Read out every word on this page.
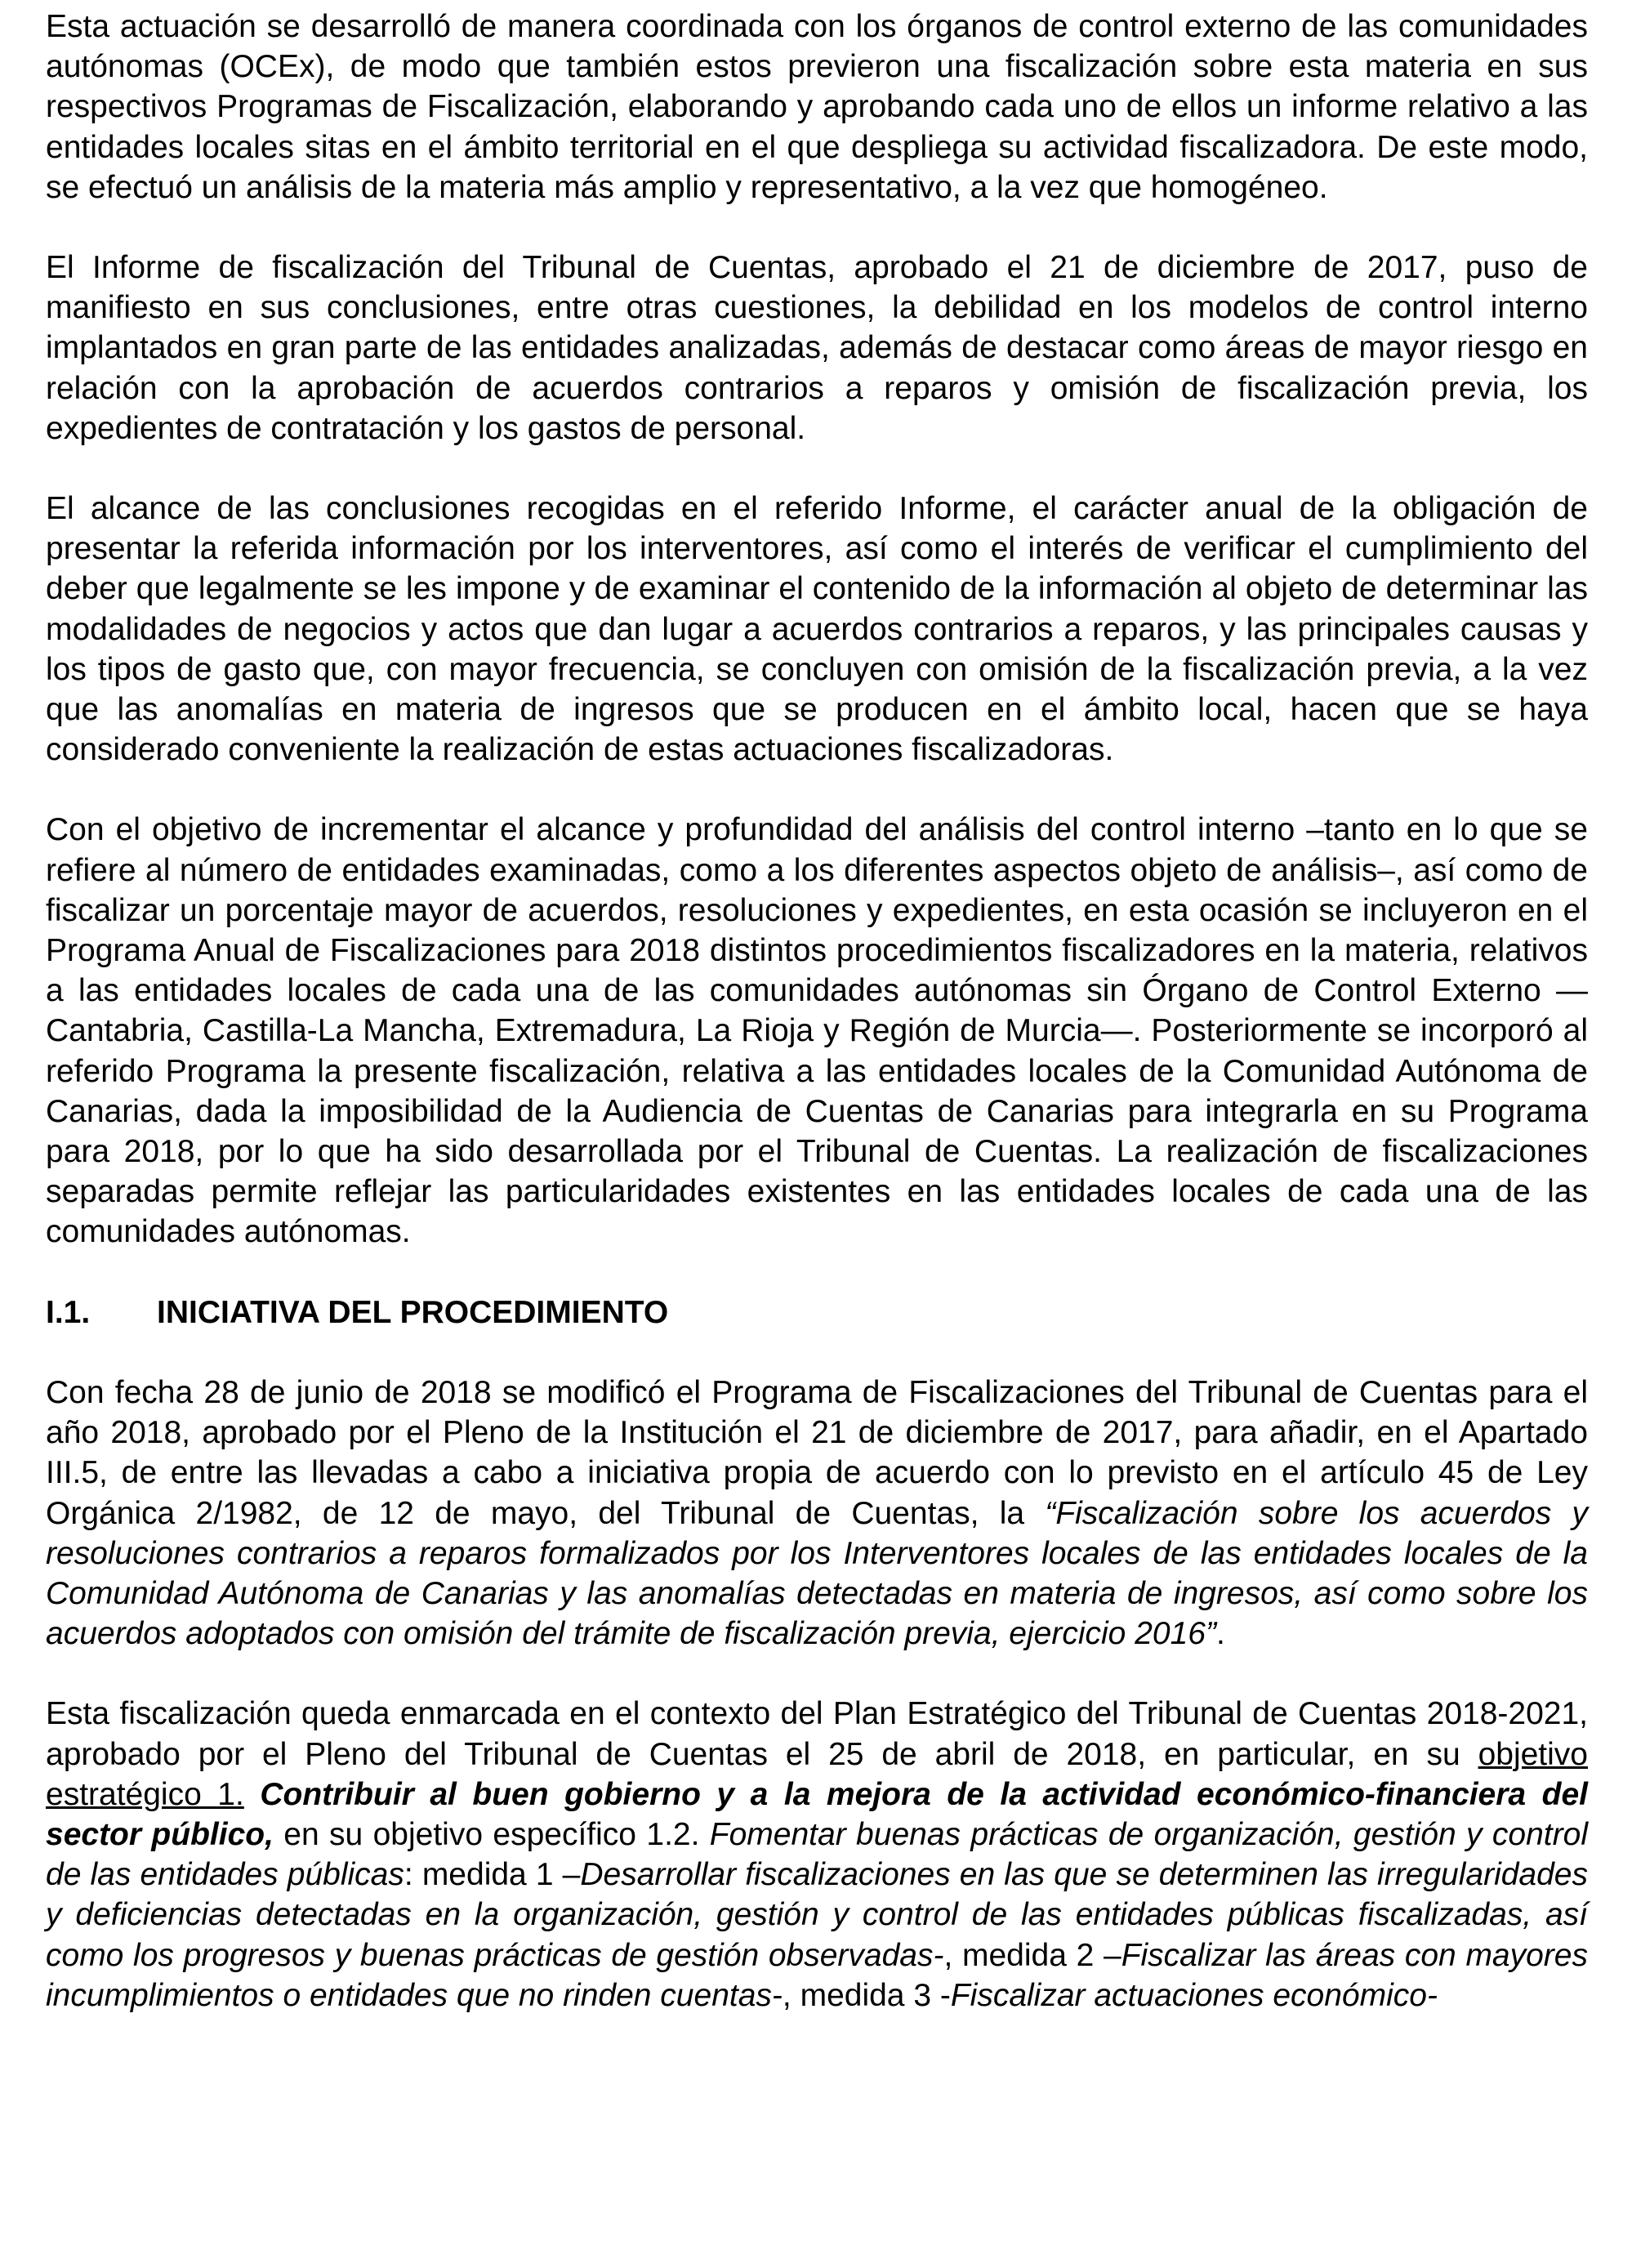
Esta actuación se desarrolló de manera coordinada con los órganos de control externo de las comunidades autónomas (OCEx), de modo que también estos previeron una fiscalización sobre esta materia en sus respectivos Programas de Fiscalización, elaborando y aprobando cada uno de ellos un informe relativo a las entidades locales sitas en el ámbito territorial en el que despliega su actividad fiscalizadora. De este modo, se efectuó un análisis de la materia más amplio y representativo, a la vez que homogéneo.

El Informe de fiscalización del Tribunal de Cuentas, aprobado el 21 de diciembre de 2017, puso de manifiesto en sus conclusiones, entre otras cuestiones, la debilidad en los modelos de control interno implantados en gran parte de las entidades analizadas, además de destacar como áreas de mayor riesgo en relación con la aprobación de acuerdos contrarios a reparos y omisión de fiscalización previa, los expedientes de contratación y los gastos de personal.

El alcance de las conclusiones recogidas en el referido Informe, el carácter anual de la obligación de presentar la referida información por los interventores, así como el interés de verificar el cumplimiento del deber que legalmente se les impone y de examinar el contenido de la información al objeto de determinar las modalidades de negocios y actos que dan lugar a acuerdos contrarios a reparos, y las principales causas y los tipos de gasto que, con mayor frecuencia, se concluyen con omisión de la fiscalización previa, a la vez que las anomalías en materia de ingresos que se producen en el ámbito local, hacen que se haya considerado conveniente la realización de estas actuaciones fiscalizadoras.

Con el objetivo de incrementar el alcance y profundidad del análisis del control interno –tanto en lo que se refiere al número de entidades examinadas, como a los diferentes aspectos objeto de análisis–, así como de fiscalizar un porcentaje mayor de acuerdos, resoluciones y expedientes, en esta ocasión se incluyeron en el Programa Anual de Fiscalizaciones para 2018 distintos procedimientos fiscalizadores en la materia, relativos a las entidades locales de cada una de las comunidades autónomas sin Órgano de Control Externo —Cantabria, Castilla-La Mancha, Extremadura, La Rioja y Región de Murcia—. Posteriormente se incorporó al referido Programa la presente fiscalización, relativa a las entidades locales de la Comunidad Autónoma de Canarias, dada la imposibilidad de la Audiencia de Cuentas de Canarias para integrarla en su Programa para 2018, por lo que ha sido desarrollada por el Tribunal de Cuentas. La realización de fiscalizaciones separadas permite reflejar las particularidades existentes en las entidades locales de cada una de las comunidades autónomas.

I.1.	INICIATIVA DEL PROCEDIMIENTO

Con fecha 28 de junio de 2018 se modificó el Programa de Fiscalizaciones del Tribunal de Cuentas para el año 2018, aprobado por el Pleno de la Institución el 21 de diciembre de 2017, para añadir, en el Apartado III.5, de entre las llevadas a cabo a iniciativa propia de acuerdo con lo previsto en el artículo 45 de Ley Orgánica 2/1982, de 12 de mayo, del Tribunal de Cuentas, la “Fiscalización sobre los acuerdos y resoluciones contrarios a reparos formalizados por los Interventores locales de las entidades locales de la Comunidad Autónoma de Canarias y las anomalías detectadas en materia de ingresos, así como sobre los acuerdos adoptados con omisión del trámite de fiscalización previa, ejercicio 2016”.

Esta fiscalización queda enmarcada en el contexto del Plan Estratégico del Tribunal de Cuentas 2018-2021, aprobado por el Pleno del Tribunal de Cuentas el 25 de abril de 2018, en particular, en su objetivo estratégico 1. Contribuir al buen gobierno y a la mejora de la actividad económico-financiera del sector público, en su objetivo específico 1.2. Fomentar buenas prácticas de organización, gestión y control de las entidades públicas: medida 1 –Desarrollar fiscalizaciones en las que se determinen las irregularidades y deficiencias detectadas en la organización, gestión y control de las entidades públicas fiscalizadas, así como los progresos y buenas prácticas de gestión observadas-, medida 2 –Fiscalizar las áreas con mayores incumplimientos o entidades que no rinden cuentas-, medida 3 -Fiscalizar actuaciones económico-
